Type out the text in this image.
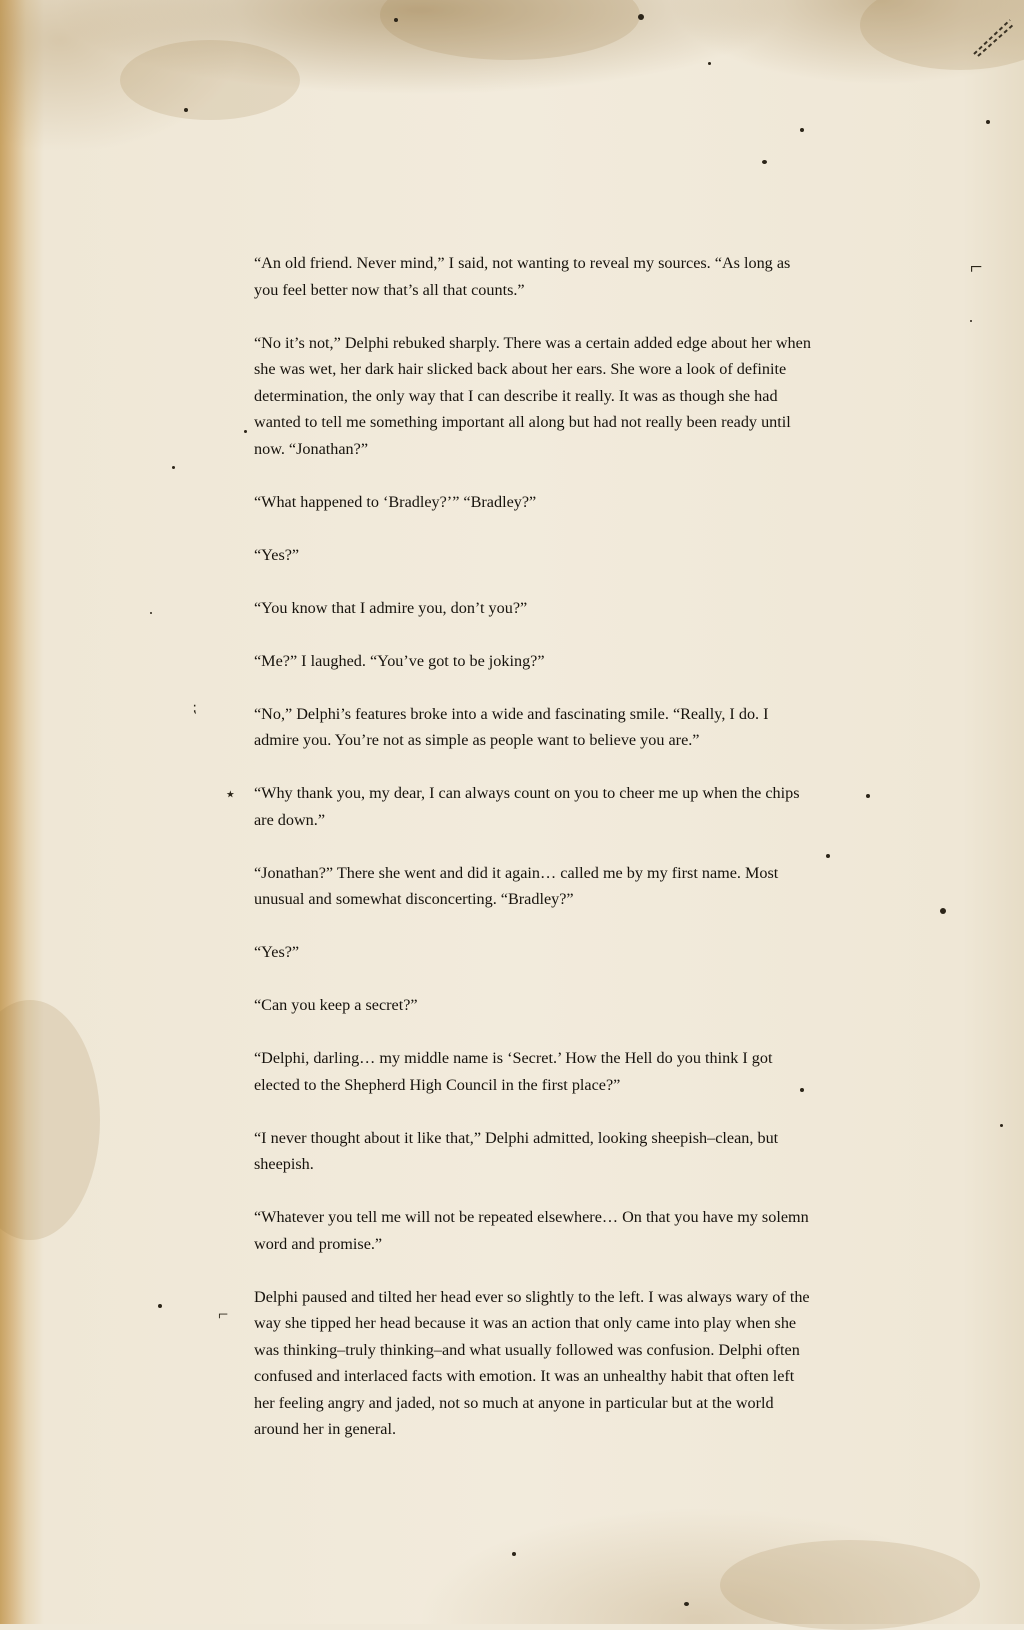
⌐
٭
⌐
⁏

“An old friend. Never mind,” I said, not wanting to reveal my sources. “As long as you feel better now that’s all that counts.”

“No it’s not,” Delphi rebuked sharply. There was a certain added edge about her when she was wet, her dark hair slicked back about her ears. She wore a look of definite determination, the only way that I can describe it really. It was as though she had wanted to tell me something important all along but had not really been ready until now. “Jonathan?”

“What happened to ‘Bradley?’” “Bradley?”

“Yes?”

“You know that I admire you, don’t you?”

“Me?” I laughed. “You’ve got to be joking?”

“No,” Delphi’s features broke into a wide and fascinating smile. “Really, I do. I admire you. You’re not as simple as people want to believe you are.”

“Why thank you, my dear, I can always count on you to cheer me up when the chips are down.”

“Jonathan?” There she went and did it again… called me by my first name. Most unusual and somewhat disconcerting. “Bradley?”

“Yes?”

“Can you keep a secret?”

“Delphi, darling… my middle name is ‘Secret.’ How the Hell do you think I got elected to the Shepherd High Council in the first place?”

“I never thought about it like that,” Delphi admitted, looking sheepish–clean, but sheepish.

“Whatever you tell me will not be repeated elsewhere… On that you have my solemn word and promise.”

Delphi paused and tilted her head ever so slightly to the left. I was always wary of the way she tipped her head because it was an action that only came into play when she was thinking–truly thinking–and what usually followed was confusion. Delphi often confused and interlaced facts with emotion. It was an unhealthy habit that often left her feeling angry and jaded, not so much at anyone in particular but at the world around her in general.
